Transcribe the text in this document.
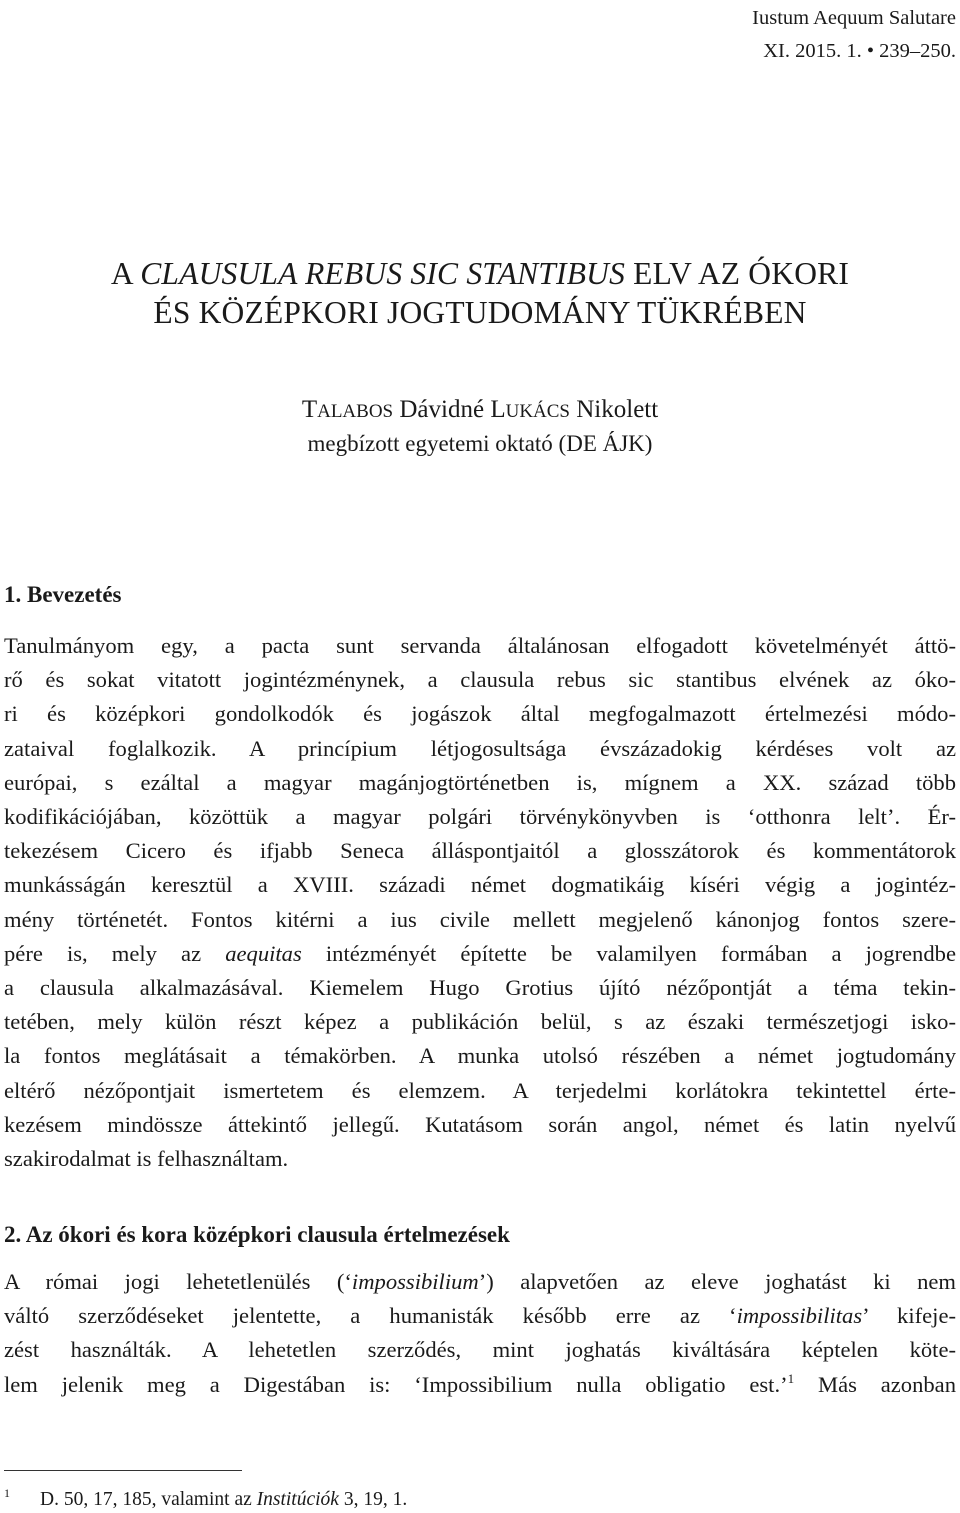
Iustum Aequum Salutare
XI. 2015. 1. • 239–250.
A CLAUSULA REBUS SIC STANTIBUS ELV AZ ÓKORI
ÉS KÖZÉPKORI JOGTUDOMÁNY TÜKRÉBEN
TALABOS Dávidné LUKÁCS Nikolett
megbízott egyetemi oktató (DE ÁJK)
1. Bevezetés
Tanulmányom egy, a pacta sunt servanda általánosan elfogadott követelményét áttö-
rő és sokat vitatott jogintézménynek, a clausula rebus sic stantibus elvének az óko-
ri és középkori gondolkodók és jogászok által megfogalmazott értelmezési módo-
zataival foglalkozik. A princípium létjogosultsága évszázadokig kérdéses volt az
európai, s ezáltal a magyar magánjogtörténetben is, mígnem a XX. század több
kodifikációjában, közöttük a magyar polgári törvénykönyvben is ‘otthonra lelt’. Ér-
tekezésem Cicero és ifjabb Seneca álláspontjaitól a glosszátorok és kommentátorok
munkásságán keresztül a XVIII. századi német dogmatikáig kíséri végig a jogintéz-
mény történetét. Fontos kitérni a ius civile mellett megjelenő kánonjog fontos szere-
pére is, mely az aequitas intézményét építette be valamilyen formában a jogrendbe
a clausula alkalmazásával. Kiemelem Hugo Grotius újító nézőpontját a téma tekin-
tetében, mely külön részt képez a publikáción belül, s az északi természetjogi isko-
la fontos meglátásait a témakörben. A munka utolsó részében a német jogtudomány
eltérő nézőpontjait ismertetem és elemzem. A terjedelmi korlátokra tekintettel érte-
kezésem mindössze áttekintő jellegű. Kutatásom során angol, német és latin nyelvű
szakirodalmat is felhasználtam.
2. Az ókori és kora középkori clausula értelmezések
A római jogi lehetetlenülés (‘impossibilium’) alapvetően az eleve joghatást ki nem
váltó szerződéseket jelentette, a humanisták később erre az ‘impossibilitas’ kifeje-
zést használták. A lehetetlen szerződés, mint joghatás kiváltására képtelen köte-
lem jelenik meg a Digestában is: ‘Impossibilium nulla obligatio est.’$^1$ Más azonban
$^1$ D. 50, 17, 185, valamint az Institúciók 3, 19, 1.
